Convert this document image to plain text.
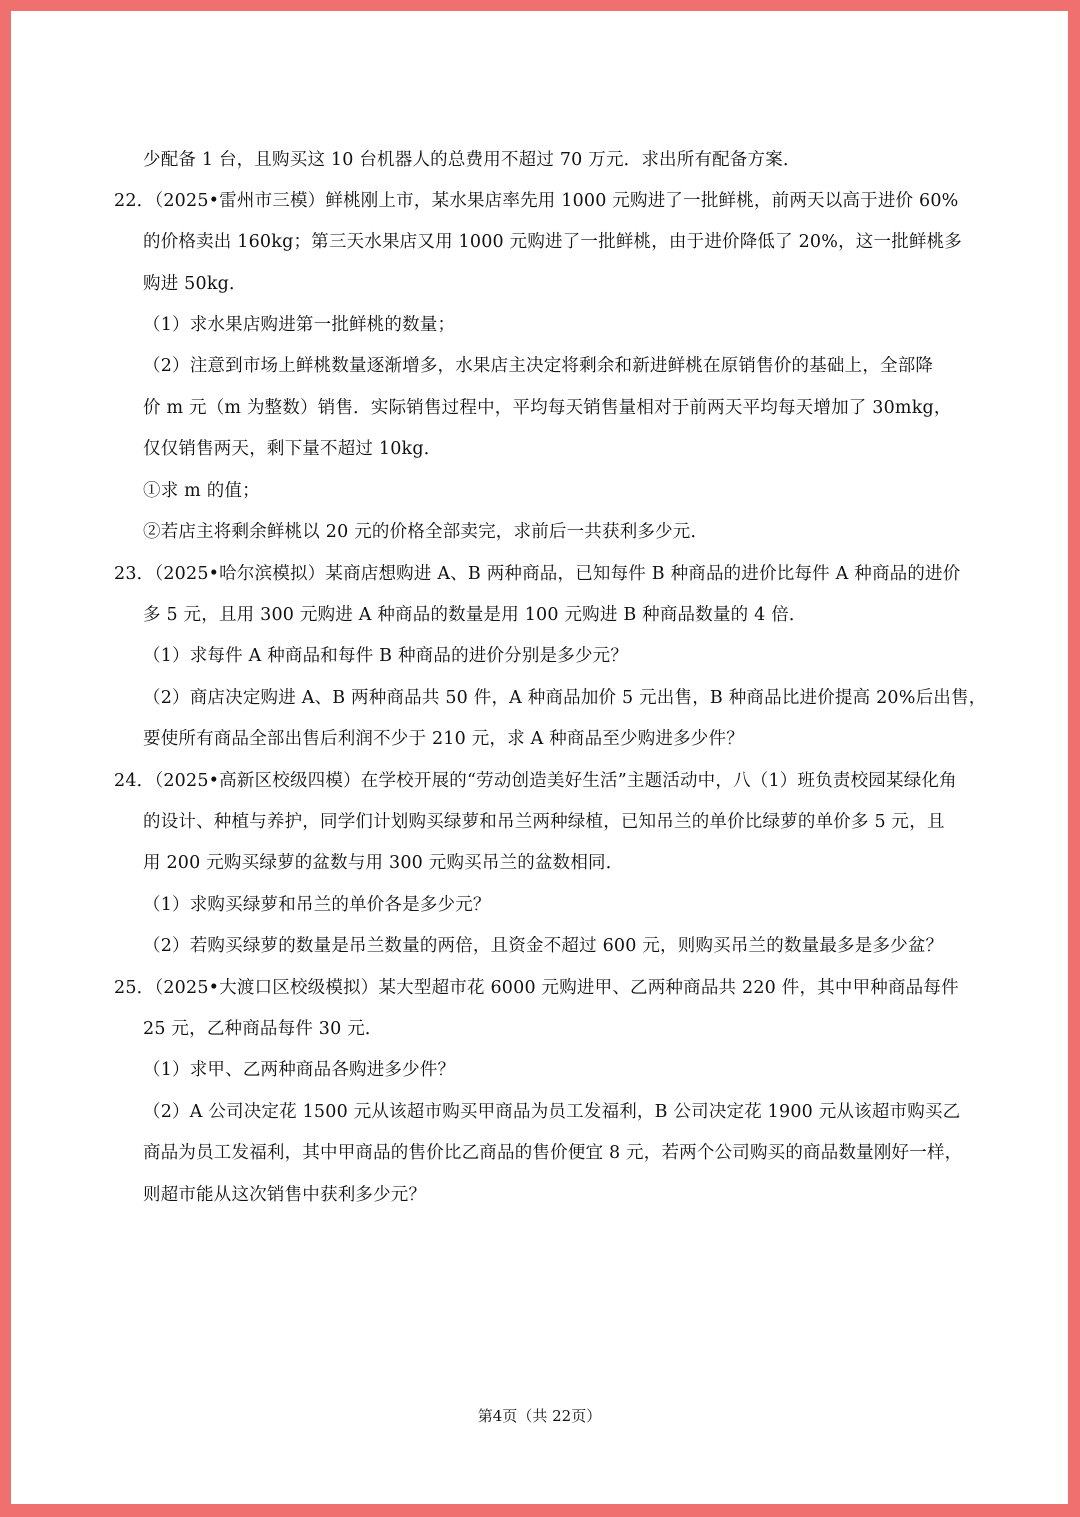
少配备 1 台，且购买这 10 台机器人的总费用不超过 70 万元．求出所有配备方案．
22．（2025•雷州市三模）鲜桃刚上市，某水果店率先用 1000 元购进了一批鲜桃，前两天以高于进价 60%
的价格卖出 160kg；第三天水果店又用 1000 元购进了一批鲜桃，由于进价降低了 20%，这一批鲜桃多
购进 50kg．
（1）求水果店购进第一批鲜桃的数量；
（2）注意到市场上鲜桃数量逐渐增多，水果店主决定将剩余和新进鲜桃在原销售价的基础上，全部降
价 m 元（m 为整数）销售．实际销售过程中，平均每天销售量相对于前两天平均每天增加了 30mkg，
仅仅销售两天，剩下量不超过 10kg．
①求 m 的值；
②若店主将剩余鲜桃以 20 元的价格全部卖完，求前后一共获利多少元．
23．（2025•哈尔滨模拟）某商店想购进 A、B 两种商品，已知每件 B 种商品的进价比每件 A 种商品的进价
多 5 元，且用 300 元购进 A 种商品的数量是用 100 元购进 B 种商品数量的 4 倍．
（1）求每件 A 种商品和每件 B 种商品的进价分别是多少元？
（2）商店决定购进 A、B 两种商品共 50 件，A 种商品加价 5 元出售，B 种商品比进价提高 20%后出售，
要使所有商品全部出售后利润不少于 210 元，求 A 种商品至少购进多少件？
24．（2025•高新区校级四模）在学校开展的“劳动创造美好生活”主题活动中，八（1）班负责校园某绿化角
的设计、种植与养护，同学们计划购买绿萝和吊兰两种绿植，已知吊兰的单价比绿萝的单价多 5 元，且
用 200 元购买绿萝的盆数与用 300 元购买吊兰的盆数相同．
（1）求购买绿萝和吊兰的单价各是多少元？
（2）若购买绿萝的数量是吊兰数量的两倍，且资金不超过 600 元，则购买吊兰的数量最多是多少盆？
25．（2025•大渡口区校级模拟）某大型超市花 6000 元购进甲、乙两种商品共 220 件，其中甲种商品每件
25 元，乙种商品每件 30 元．
（1）求甲、乙两种商品各购进多少件？
（2）A 公司决定花 1500 元从该超市购买甲商品为员工发福利，B 公司决定花 1900 元从该超市购买乙
商品为员工发福利，其中甲商品的售价比乙商品的售价便宜 8 元，若两个公司购买的商品数量刚好一样，
则超市能从这次销售中获利多少元？
第4页（共 22页）
